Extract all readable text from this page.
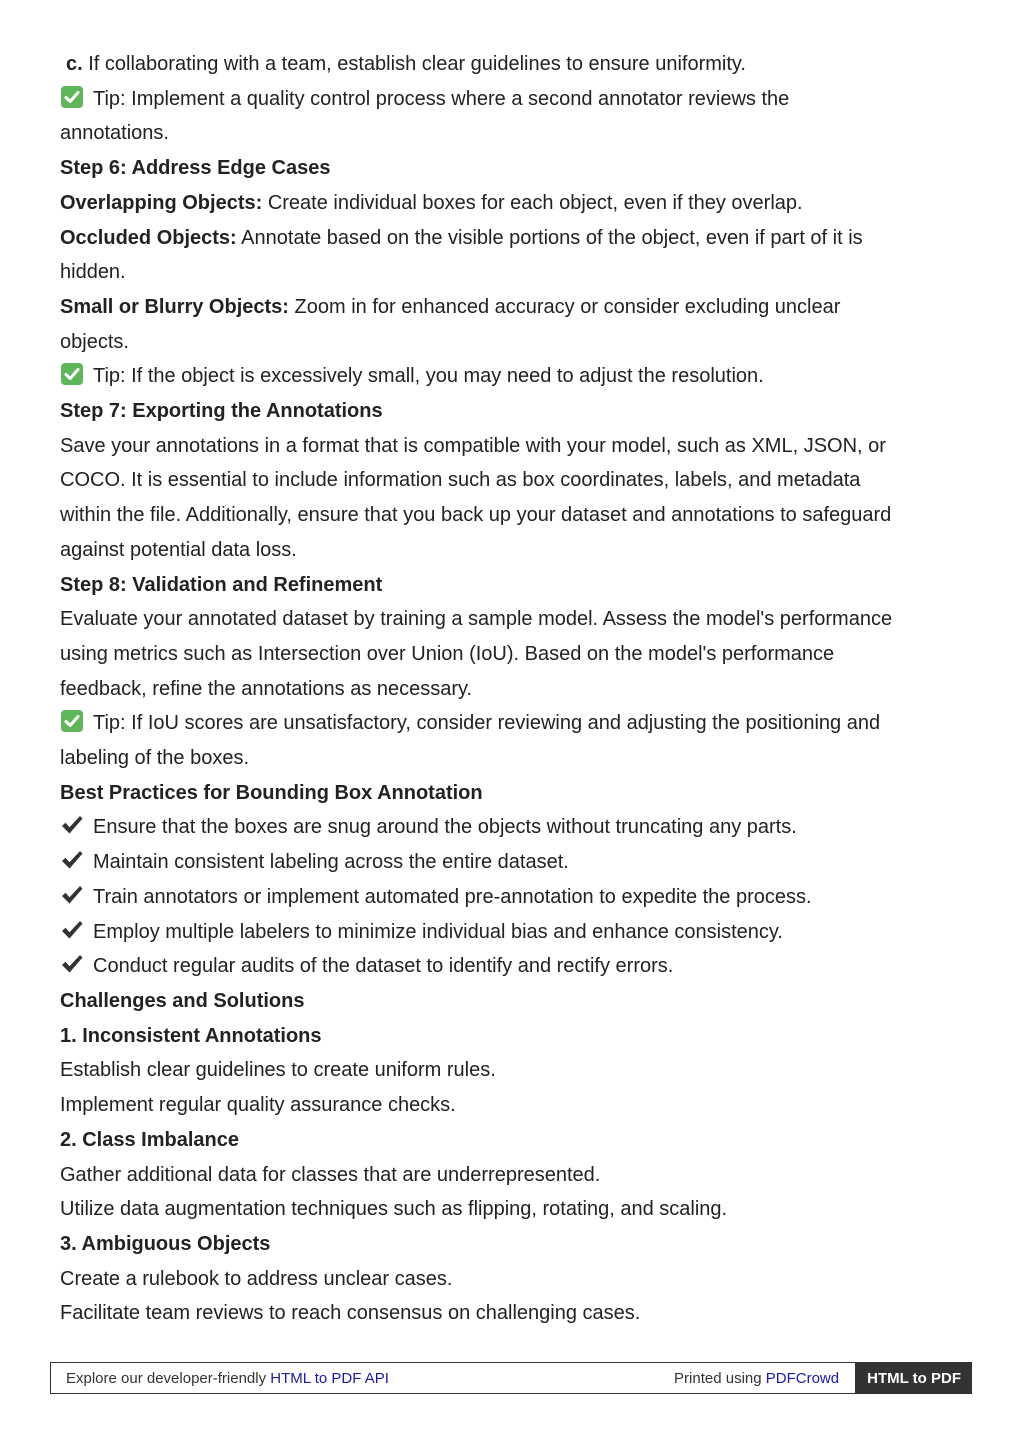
c. If collaborating with a team, establish clear guidelines to ensure uniformity.

Tip: Implement a quality control process where a second annotator reviews the

annotations.

Step 6: Address Edge Cases

Overlapping Objects: Create individual boxes for each object, even if they overlap.

Occluded Objects: Annotate based on the visible portions of the object, even if part of it is

hidden.

Small or Blurry Objects: Zoom in for enhanced accuracy or consider excluding unclear

objects.

Tip: If the object is excessively small, you may need to adjust the resolution.

Step 7: Exporting the Annotations

Save your annotations in a format that is compatible with your model, such as XML, JSON, or

COCO. It is essential to include information such as box coordinates, labels, and metadata

within the file. Additionally, ensure that you back up your dataset and annotations to safeguard

against potential data loss.

Step 8: Validation and Refinement

Evaluate your annotated dataset by training a sample model. Assess the model's performance

using metrics such as Intersection over Union (IoU). Based on the model's performance

feedback, refine the annotations as necessary.

Tip: If IoU scores are unsatisfactory, consider reviewing and adjusting the positioning and

labeling of the boxes.

Best Practices for Bounding Box Annotation

Ensure that the boxes are snug around the objects without truncating any parts.

Maintain consistent labeling across the entire dataset.

Train annotators or implement automated pre-annotation to expedite the process.

Employ multiple labelers to minimize individual bias and enhance consistency.

Conduct regular audits of the dataset to identify and rectify errors.

Challenges and Solutions

1. Inconsistent Annotations

Establish clear guidelines to create uniform rules.

Implement regular quality assurance checks.

2. Class Imbalance

Gather additional data for classes that are underrepresented.

Utilize data augmentation techniques such as flipping, rotating, and scaling.

3. Ambiguous Objects

Create a rulebook to address unclear cases.

Facilitate team reviews to reach consensus on challenging cases.

Explore our developer-friendly HTML to PDF API	Printed using PDFCrowd	HTML to PDF
